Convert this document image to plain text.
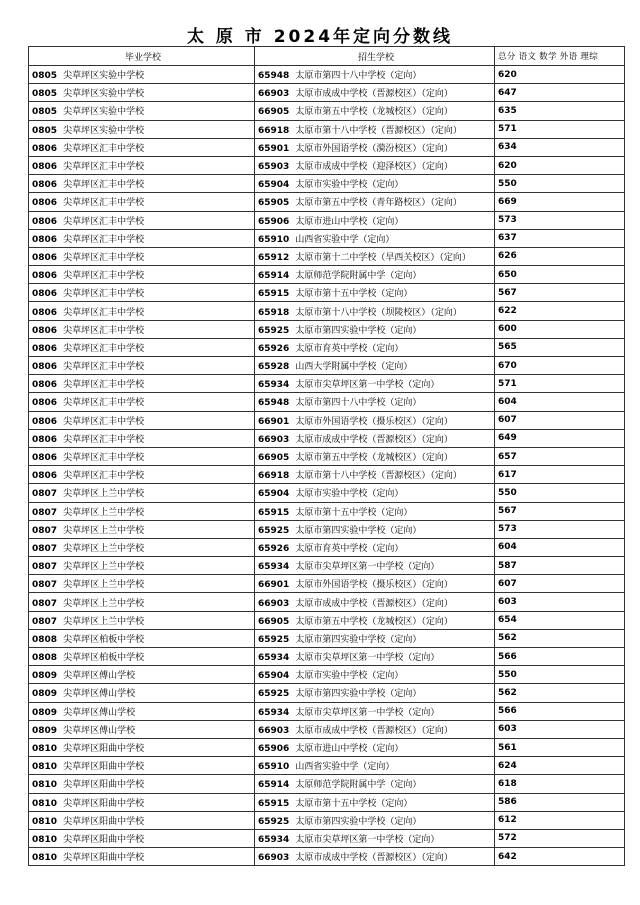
太 原 市 2024年定向分数线
毕业学校	招生学校	总分 语文 数学 外语 理综
0805 尖草坪区实验中学校	65948 太原市第四十八中学校（定向）	620
0805 尖草坪区实验中学校	66903 太原市成成中学校（晋源校区）（定向）	647
0805 尖草坪区实验中学校	66905 太原市第五中学校（龙城校区）（定向）	635
0805 尖草坪区实验中学校	66918 太原市第十八中学校（晋源校区）（定向）	571
0806 尖草坪区汇丰中学校	65901 太原市外国语学校（漪汾校区）（定向）	634
0806 尖草坪区汇丰中学校	65903 太原市成成中学校（迎泽校区）（定向）	620
0806 尖草坪区汇丰中学校	65904 太原市实验中学校（定向）	550
0806 尖草坪区汇丰中学校	65905 太原市第五中学校（青年路校区）（定向）	669
0806 尖草坪区汇丰中学校	65906 太原市进山中学校（定向）	573
0806 尖草坪区汇丰中学校	65910 山西省实验中学（定向）	637
0806 尖草坪区汇丰中学校	65912 太原市第十二中学校（旱西关校区）（定向）	626
0806 尖草坪区汇丰中学校	65914 太原师范学院附属中学（定向）	650
0806 尖草坪区汇丰中学校	65915 太原市第十五中学校（定向）	567
0806 尖草坪区汇丰中学校	65918 太原市第十八中学校（坝陵校区）（定向）	622
0806 尖草坪区汇丰中学校	65925 太原市第四实验中学校（定向）	600
0806 尖草坪区汇丰中学校	65926 太原市育英中学校（定向）	565
0806 尖草坪区汇丰中学校	65928 山西大学附属中学校（定向）	670
0806 尖草坪区汇丰中学校	65934 太原市尖草坪区第一中学校（定向）	571
0806 尖草坪区汇丰中学校	65948 太原市第四十八中学校（定向）	604
0806 尖草坪区汇丰中学校	66901 太原市外国语学校（摄乐校区）（定向）	607
0806 尖草坪区汇丰中学校	66903 太原市成成中学校（晋源校区）（定向）	649
0806 尖草坪区汇丰中学校	66905 太原市第五中学校（龙城校区）（定向）	657
0806 尖草坪区汇丰中学校	66918 太原市第十八中学校（晋源校区）（定向）	617
0807 尖草坪区上兰中学校	65904 太原市实验中学校（定向）	550
0807 尖草坪区上兰中学校	65915 太原市第十五中学校（定向）	567
0807 尖草坪区上兰中学校	65925 太原市第四实验中学校（定向）	573
0807 尖草坪区上兰中学校	65926 太原市育英中学校（定向）	604
0807 尖草坪区上兰中学校	65934 太原市尖草坪区第一中学校（定向）	587
0807 尖草坪区上兰中学校	66901 太原市外国语学校（摄乐校区）（定向）	607
0807 尖草坪区上兰中学校	66903 太原市成成中学校（晋源校区）（定向）	603
0807 尖草坪区上兰中学校	66905 太原市第五中学校（龙城校区）（定向）	654
0808 尖草坪区柏板中学校	65925 太原市第四实验中学校（定向）	562
0808 尖草坪区柏板中学校	65934 太原市尖草坪区第一中学校（定向）	566
0809 尖草坪区傅山学校	65904 太原市实验中学校（定向）	550
0809 尖草坪区傅山学校	65925 太原市第四实验中学校（定向）	562
0809 尖草坪区傅山学校	65934 太原市尖草坪区第一中学校（定向）	566
0809 尖草坪区傅山学校	66903 太原市成成中学校（晋源校区）（定向）	603
0810 尖草坪区阳曲中学校	65906 太原市进山中学校（定向）	561
0810 尖草坪区阳曲中学校	65910 山西省实验中学（定向）	624
0810 尖草坪区阳曲中学校	65914 太原师范学院附属中学（定向）	618
0810 尖草坪区阳曲中学校	65915 太原市第十五中学校（定向）	586
0810 尖草坪区阳曲中学校	65925 太原市第四实验中学校（定向）	612
0810 尖草坪区阳曲中学校	65934 太原市尖草坪区第一中学校（定向）	572
0810 尖草坪区阳曲中学校	66903 太原市成成中学校（晋源校区）（定向）	642
